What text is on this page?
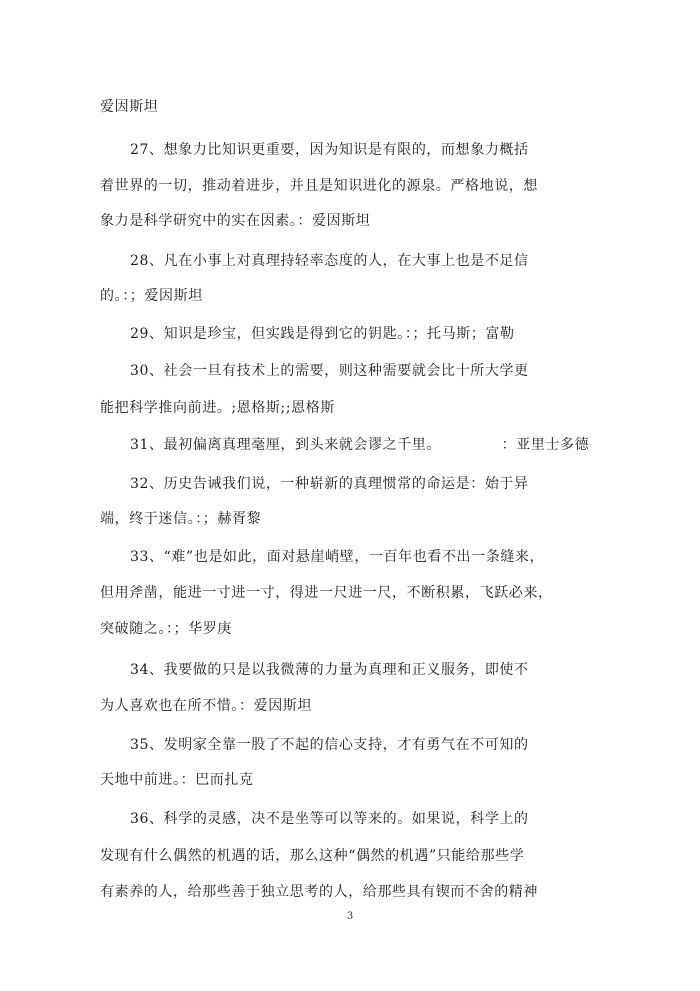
爱因斯坦
27、想象力比知识更重要，因为知识是有限的，而想象力概括
着世界的一切，推动着进步，并且是知识进化的源泉。严格地说，想
象力是科学研究中的实在因素。：爱因斯坦
28、凡在小事上对真理持轻率态度的人，在大事上也是不足信
的。：；爱因斯坦
29、知识是珍宝，但实践是得到它的钥匙。：；托马斯；富勒
30、社会一旦有技术上的需要，则这种需要就会比十所大学更
能把科学推向前进。;恩格斯;;恩格斯
31、最初偏离真理毫厘，到头来就会谬之千里。            ：亚里士多德
32、历史告诫我们说，一种崭新的真理惯常的命运是：始于异
端，终于迷信。：；赫胥黎
33、“难”也是如此，面对悬崖峭壁，一百年也看不出一条缝来，
但用斧凿，能进一寸进一寸，得进一尺进一尺，不断积累，飞跃必来，
突破随之。：；华罗庚
34、我要做的只是以我微薄的力量为真理和正义服务，即使不
为人喜欢也在所不惜。：爱因斯坦
35、发明家全靠一股了不起的信心支持，才有勇气在不可知的
天地中前进。：巴而扎克
36、科学的灵感，决不是坐等可以等来的。如果说，科学上的
发现有什么偶然的机遇的话，那么这种“偶然的机遇”只能给那些学
有素养的人，给那些善于独立思考的人，给那些具有锲而不舍的精神
3
